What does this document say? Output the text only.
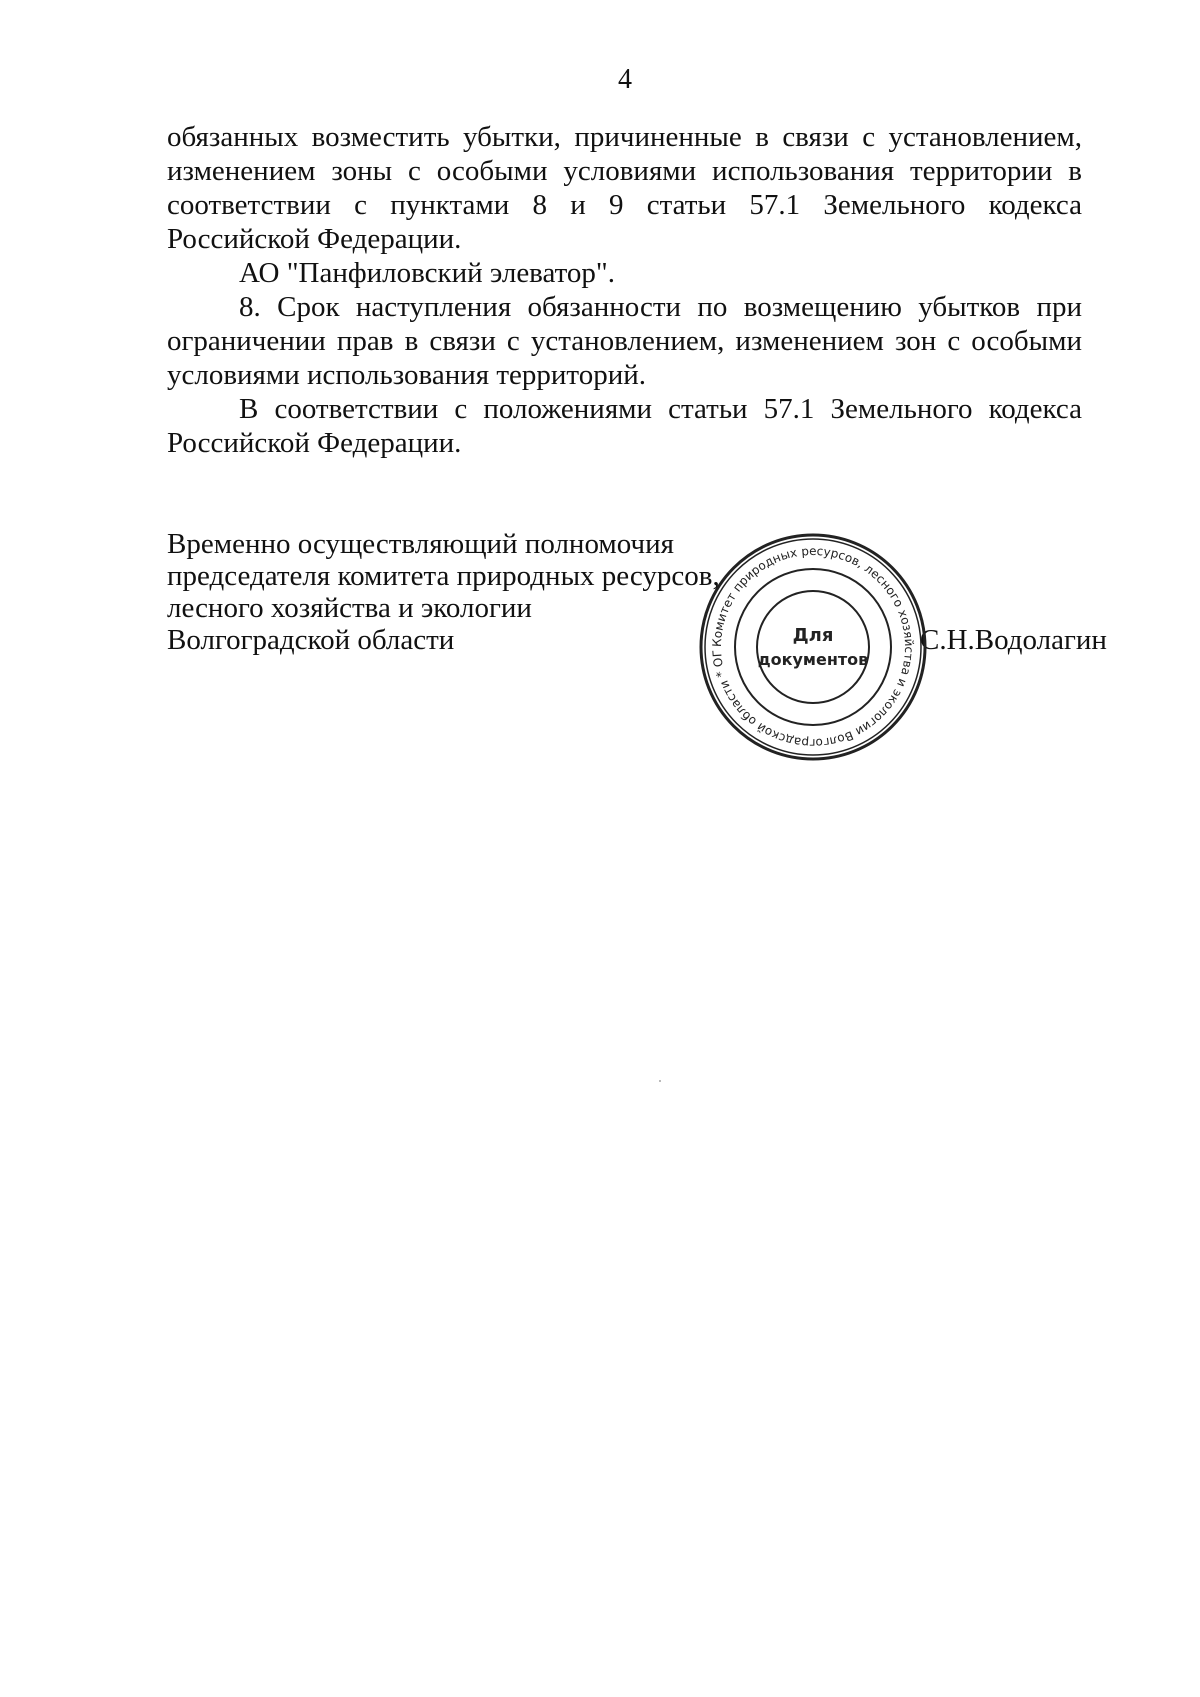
4

обязанных возместить убытки, причиненные в связи с установлением, изменением зоны с особыми условиями использования территории в соответствии с пунктами 8 и 9 статьи 57.1 Земельного кодекса Российской Федерации.

АО "Панфиловский элеватор".

8. Срок наступления обязанности по возмещению убытков при ограничении прав в связи с установлением, изменением зон с особыми условиями использования территорий.

В соответствии с положениями статьи 57.1 Земельного кодекса Российской Федерации.

Временно осуществляющий полномочия
председателя комитета природных ресурсов,
лесного хозяйства и экологии
Волгоградской области	С.Н.Водолагин
Комитет природных ресурсов, лесного хозяйства и экологии Волгоградской области * ОГ
Для
документов
